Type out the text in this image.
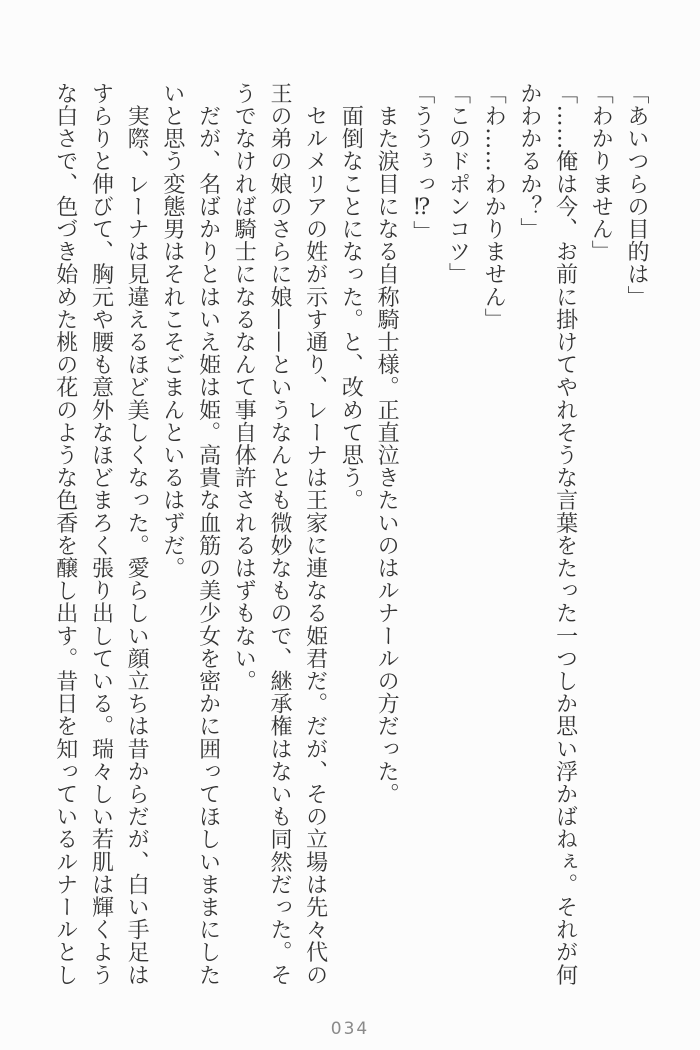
「あいつらの目的は」
「わかりません」
「……俺は今、お前に掛けてやれそうな言葉をたった一つしか思い浮かばねぇ。それが何
かわかるか？」
「わ……わかりません」
「このドポンコツ」
「ううぅっ⁉」
　また涙目になる自称騎士様。正直泣きたいのはルナールの方だった。
　面倒なことになった。と、改めて思う。
　セルメリアの姓が示す通り、レーナは王家に連なる姫君だ。だが、その立場は先々代の
王の弟の娘のさらに娘——というなんとも微妙なもので、継承権はないも同然だった。そ
うでなければ騎士になるなんて事自体許されるはずもない。
　だが、名ばかりとはいえ姫は姫。高貴な血筋の美少女を密かに囲ってほしいままにした
いと思う変態男はそれこそごまんといるはずだ。
　実際、レーナは見違えるほど美しくなった。愛らしい顔立ちは昔からだが、白い手足は
すらりと伸びて、胸元や腰も意外なほどまろく張り出している。瑞々しい若肌は輝くよう
な白さで、色づき始めた桃の花のような色香を醸し出す。昔日を知っているルナールとし
034
